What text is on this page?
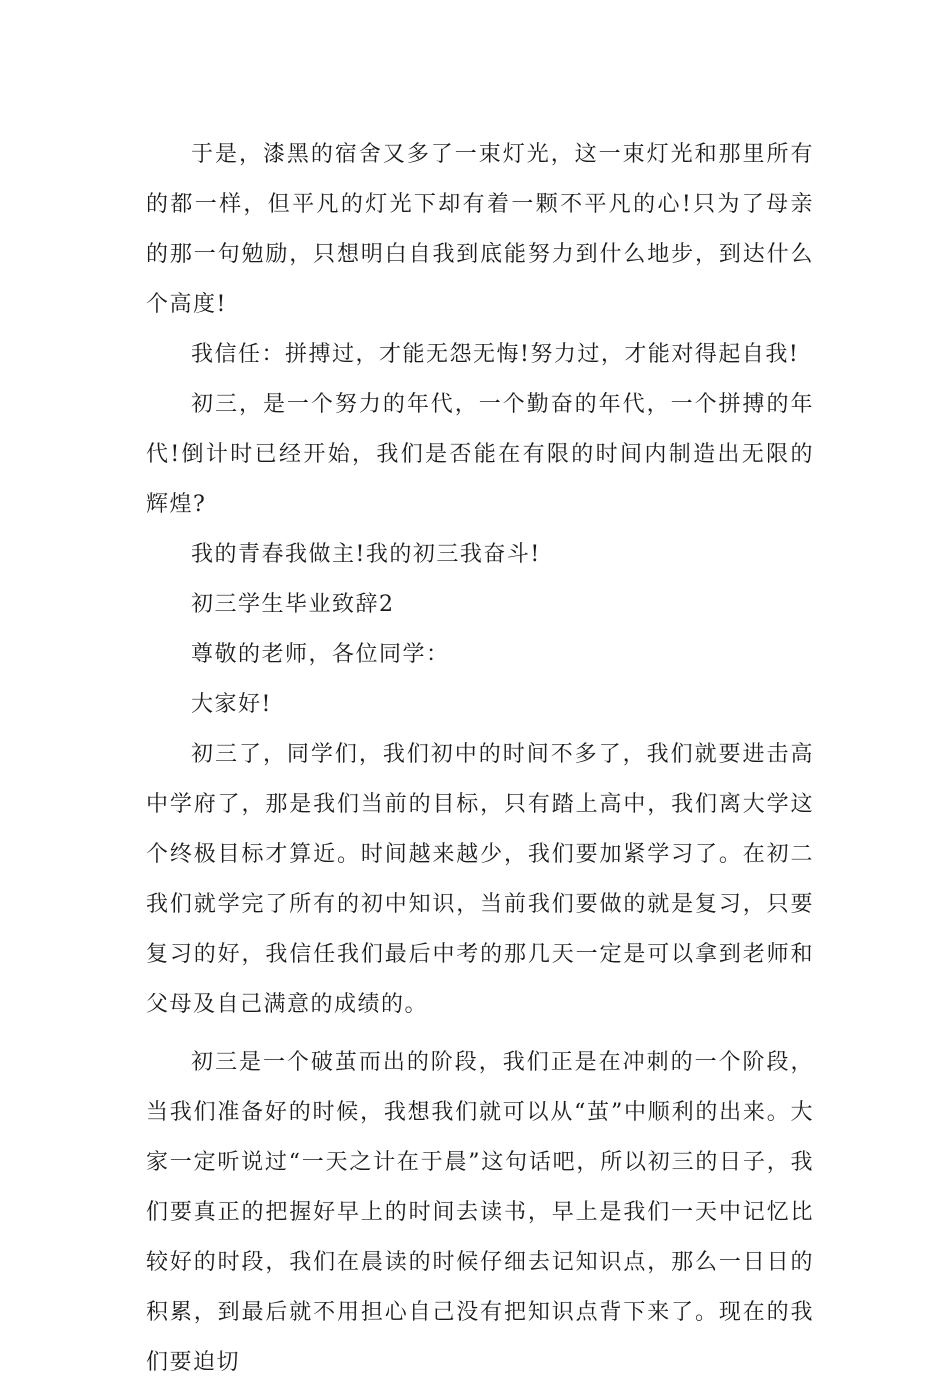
于是，漆黑的宿舍又多了一束灯光，这一束灯光和那里所有的都一样，但平凡的灯光下却有着一颗不平凡的心!只为了母亲的那一句勉励，只想明白自我到底能努力到什么地步，到达什么个高度!

我信任：拼搏过，才能无怨无悔!努力过，才能对得起自我!

初三，是一个努力的年代，一个勤奋的年代，一个拼搏的年代!倒计时已经开始，我们是否能在有限的时间内制造出无限的辉煌?

我的青春我做主!我的初三我奋斗!

初三学生毕业致辞2

尊敬的老师，各位同学：

大家好!

初三了，同学们，我们初中的时间不多了，我们就要进击高中学府了，那是我们当前的目标，只有踏上高中，我们离大学这个终极目标才算近。时间越来越少，我们要加紧学习了。在初二我们就学完了所有的初中知识，当前我们要做的就是复习，只要复习的好，我信任我们最后中考的那几天一定是可以拿到老师和父母及自己满意的成绩的。

初三是一个破茧而出的阶段，我们正是在冲刺的一个阶段，当我们准备好的时候，我想我们就可以从“茧”中顺利的出来。大家一定听说过“一天之计在于晨”这句话吧，所以初三的日子，我们要真正的把握好早上的时间去读书，早上是我们一天中记忆比较好的时段，我们在晨读的时候仔细去记知识点，那么一日日的积累，到最后就不用担心自己没有把知识点背下来了。现在的我们要迫切
